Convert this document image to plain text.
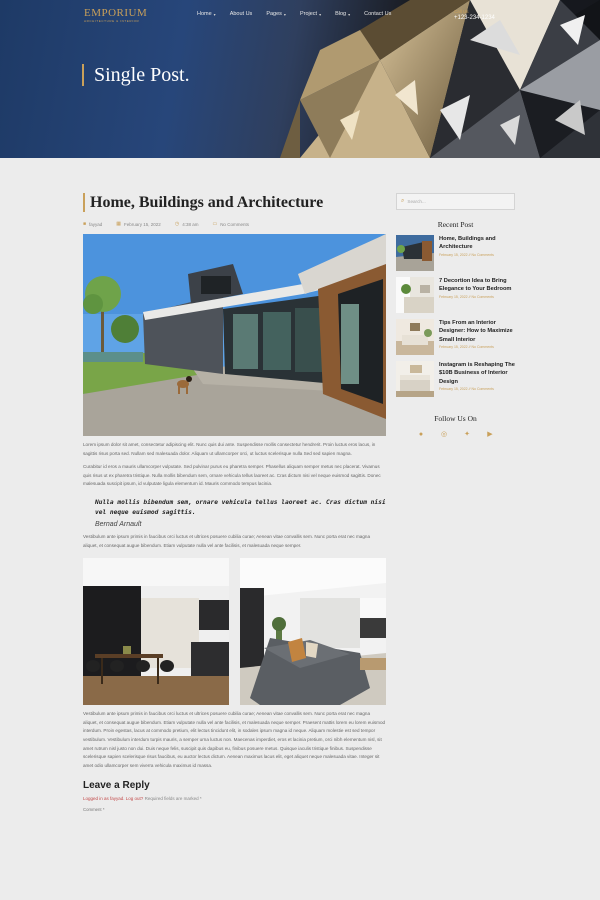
EMPORIUM
ARCHITECTURE & INTERIOR
Home ▾	About Us	Pages ▾	Project ▾	Blog ▾	Contact Us	Call Us
+123-234-1234
Single Post.
Home, Buildings and Architecture
■ fayyad	▦ February 15, 2022	◷ 4:38 am	▭ No Comments

Lorem ipsum dolor sit amet, consectetur adipiscing elit. Nunc quis dui ante. Suspendisse mollis consectetur hendrerit. Proin luctus eros lacus, in sagittis risus porta sed. Nullam sed malesuada dolor. Aliquam ut ullamcorper orci, ut luctus scelerisque nulla Sed sed sapien magna.

Curabitur id eros a mauris ullamcorper vulputate. Sed pulvinar purus eu pharetra semper. Phasellus aliquam semper metus nec placerat. Vivamus quis risus ut ex pharetra tristique. Nulla mollis bibendum sem, ornare vehicula tellus laoreet ac. Cras dictum nisi vel neque euismod sagittis. Donec malesuada suscipit ipsum, id vulputate ligula elementum id. Mauris commodo tempus lacinia.

Nulla mollis bibendum sem, ornare vehicula tellus laoreet ac. Cras dictum nisi vel neque euismod sagittis.
Bernad Arnault

Vestibulum ante ipsum primis in faucibus orci luctus et ultrices posuere cubilia curae; Aenean vitae convallis sem. Nunc porta erat nec magna aliquet, et consequat augue bibendum. Etiam vulputate nulla vel ante facilisis, et malesuada neque semper.

Vestibulum ante ipsum primis in faucibus orci luctus et ultrices posuere cubilia curae; Aenean vitae convallis sem. Nunc porta erat nec magna aliquet, et consequat augue bibendum. Etiam vulputate nulla vel ante facilisis, et malesuada neque semper. Praesent mattis lorem eu lorem euismod interdum. Proin egestas, lacus at commodo pretium, elit lectus tincidunt elit, in sodales ipsum magna id neque. Aliquam molestie est sed tempor vestibulum. Vestibulum interdum turpis mauris, a semper urna luctus non. Maecenas imperdiet, eros et lacinia pretium, orci nibh elementum nisl, sit amet rutrum nisl justo non dui. Duis neque felis, suscipit quis dapibus eu, finibus posuere metus. Quisque iaculis tristique finibus. Suspendisse scelerisque sapien scelerisque risus faucibus, eu auctor lectus dictum. Aenean maximus lacus elit, eget aliquet neque malesuada vitae. Integer sit amet odio ullamcorper sem viverra vehicula maximus id massa.

Leave a Reply
Logged in as fayyad. Log out? Required fields are marked *
Comment *
⌕ Search...
Recent Post
Home, Buildings and Architecture
February 15, 2022 // No Comments
7 Decortion Idea to Bring Elegance to Your Bedroom
February 15, 2022 // No Comments
Tips From an Interior Designer: How to Maximize Small Interior
February 15, 2022 // No Comments
Instagram is Reshaping The $10B Business of Interior Design
February 15, 2022 // No Comments
Follow Us On
●	◎ ✦ ▶
